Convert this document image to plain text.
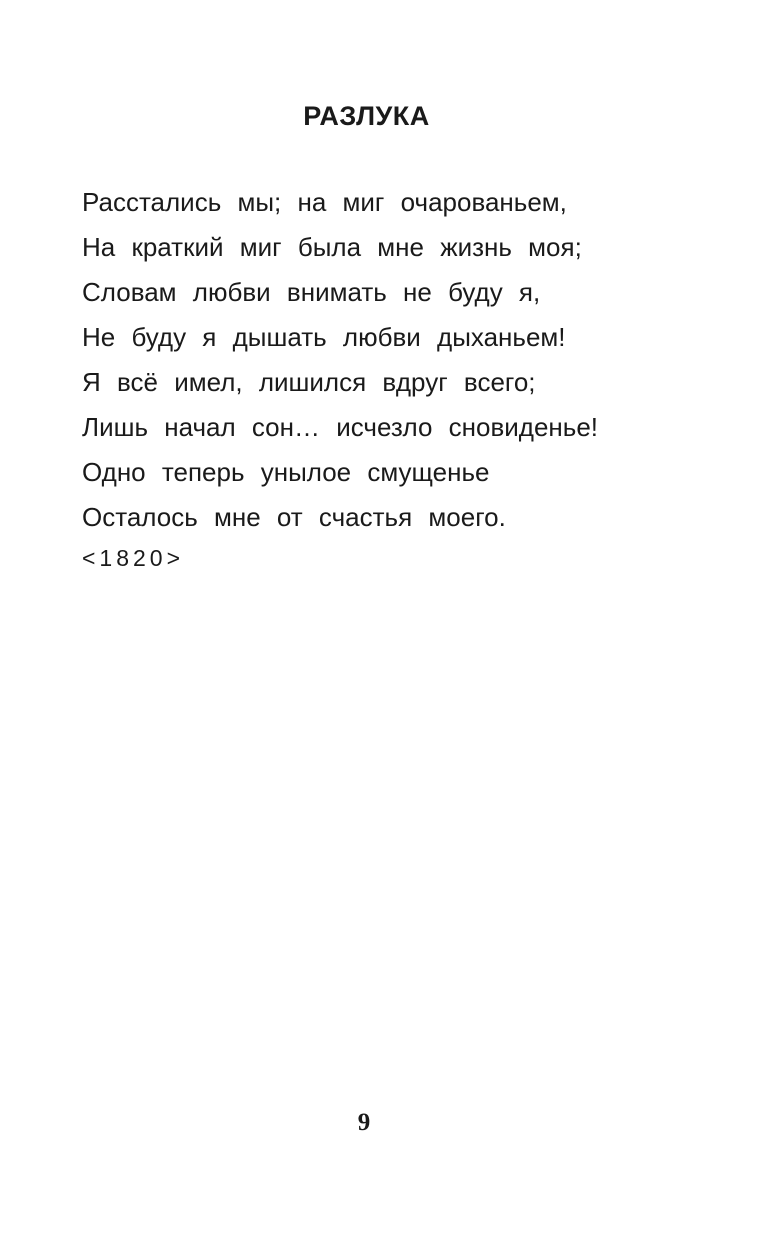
РАЗЛУКА
Расстались мы; на миг очарованьем,
На краткий миг была мне жизнь моя;
Словам любви внимать не буду я,
Не буду я дышать любви дыханьем!
Я всё имел, лишился вдруг всего;
Лишь начал сон… исчезло сновиденье!
Одно теперь унылое смущенье
Осталось мне от счастья моего.
<1820>
9
